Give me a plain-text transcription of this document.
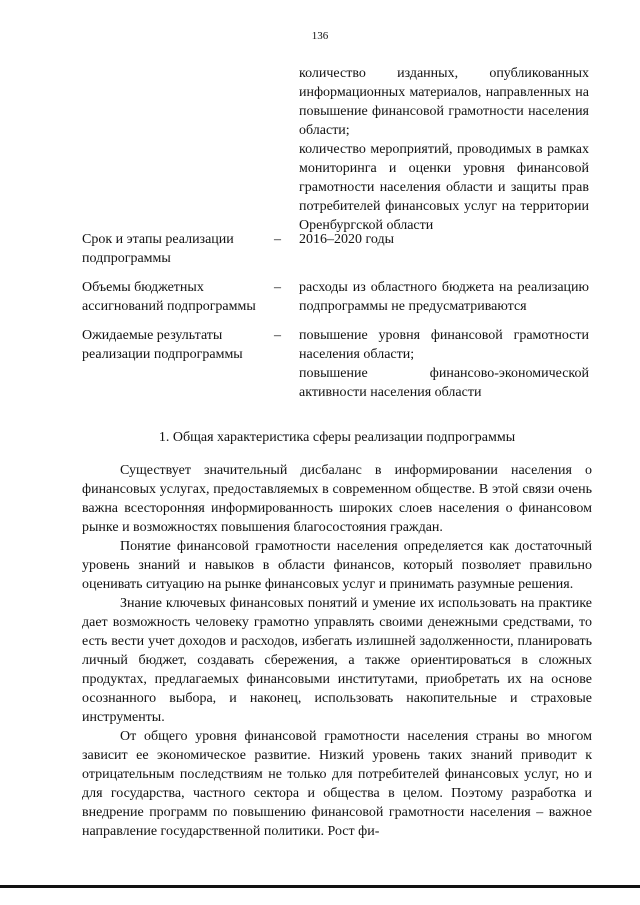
136

количество изданных, опубликованных информационных материалов, направленных на повышение финансовой грамотности населения области;

количество мероприятий, проводимых в рамках мониторинга и оценки уровня финансовой грамотности населения области и защиты прав потребителей финансовых услуг на территории Оренбургской области

Срок и этапы реализации подпрограммы
– 2016–2020 годы
Объемы бюджетных ассигнований подпрограммы
– расходы из областного бюджета на реализацию подпрограммы не предусматриваются
Ожидаемые результаты реализации подпрограммы
– повышение уровня финансовой грамотности населения области;
повышение финансово-экономической активности населения области
1. Общая характеристика сферы реализации подпрограммы

Существует значительный дисбаланс в информировании населения о финансовых услугах, предоставляемых в современном обществе. В этой связи очень важна всесторонняя информированность широких слоев населения о финансовом рынке и возможностях повышения благосостояния граждан.

Понятие финансовой грамотности населения определяется как достаточный уровень знаний и навыков в области финансов, который позволяет правильно оценивать ситуацию на рынке финансовых услуг и принимать разумные решения.

Знание ключевых финансовых понятий и умение их использовать на практике дает возможность человеку грамотно управлять своими денежными средствами, то есть вести учет доходов и расходов, избегать излишней задолженности, планировать личный бюджет, создавать сбережения, а также ориентироваться в сложных продуктах, предлагаемых финансовыми институтами, приобретать их на основе осознанного выбора, и наконец, использовать накопительные и страховые инструменты.

От общего уровня финансовой грамотности населения страны во многом зависит ее экономическое развитие. Низкий уровень таких знаний приводит к отрицательным последствиям не только для потребителей финансовых услуг, но и для государства, частного сектора и общества в целом. Поэтому разработка и внедрение программ по повышению финансовой грамотности населения – важное направление государственной политики. Рост фи-
